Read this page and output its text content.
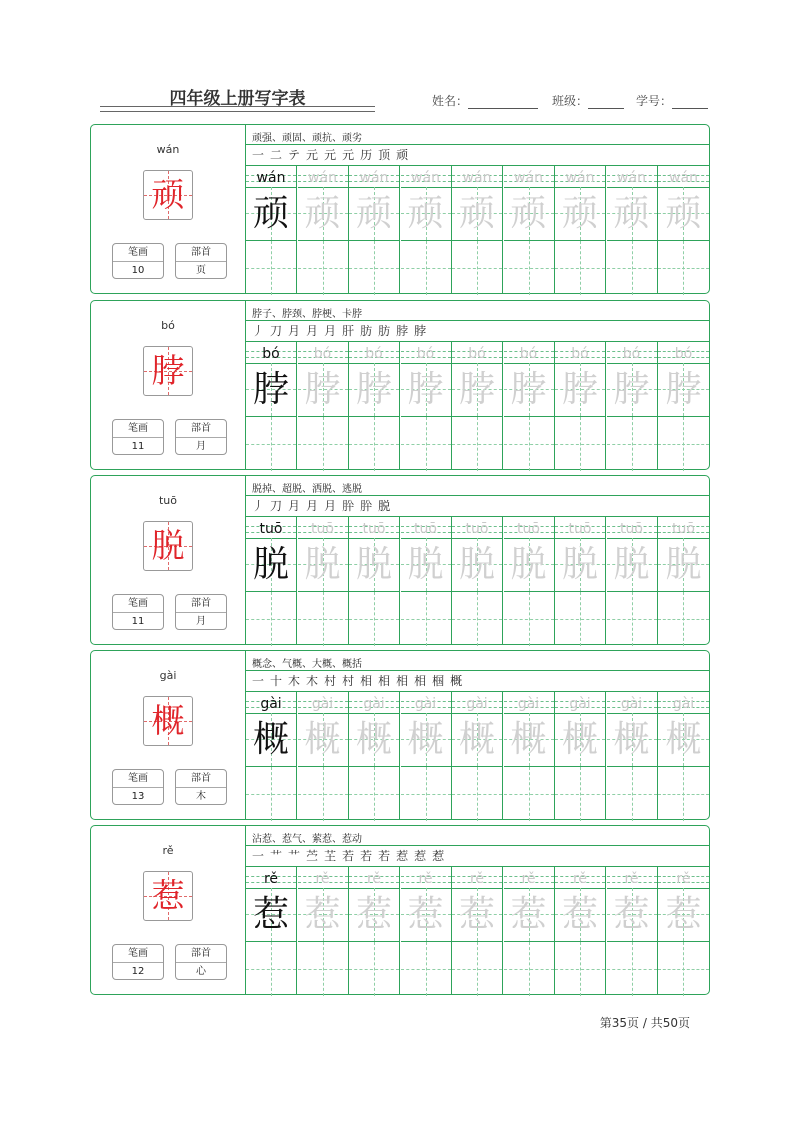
四年级上册写字表	姓名：	班级：	学号：
wán
顽
笔画
10
部首
页
顽强、顽固、顽抗、顽劣
一 二 テ 元 元 元 历 顶 顽
wán
顽
wán
顽
wán
顽
wán
顽
wán
顽
wán
顽
wán
顽
wán
顽
wán
顽
bó
脖
笔画
11
部首
月
脖子、脖颈、脖梗、卡脖
丿 刀 月 月 月 肝 肪 肪 脖 脖
bó
脖
bó
脖
bó
脖
bó
脖
bó
脖
bó
脖
bó
脖
bó
脖
bó
脖
tuō
脱
笔画
11
部首
月
脱掉、超脱、洒脱、逃脱
丿 刀 月 月 月 肸 肸 脱
tuō
脱
tuō
脱
tuō
脱
tuō
脱
tuō
脱
tuō
脱
tuō
脱
tuō
脱
tuō
脱
gài
概
笔画
13
部首
木
概念、气概、大概、概括
一 十 木 木 村 村 相 相 相 相 椢 概
gài
概
gài
概
gài
概
gài
概
gài
概
gài
概
gài
概
gài
概
gài
概
rě
惹
笔画
12
部首
心
沾惹、惹气、萦惹、惹动
一 艹 艹 苎 芏 若 若 若 惹 惹 惹
rě
惹
rě
惹
rě
惹
rě
惹
rě
惹
rě
惹
rě
惹
rě
惹
rě
惹
第35页 / 共50页
